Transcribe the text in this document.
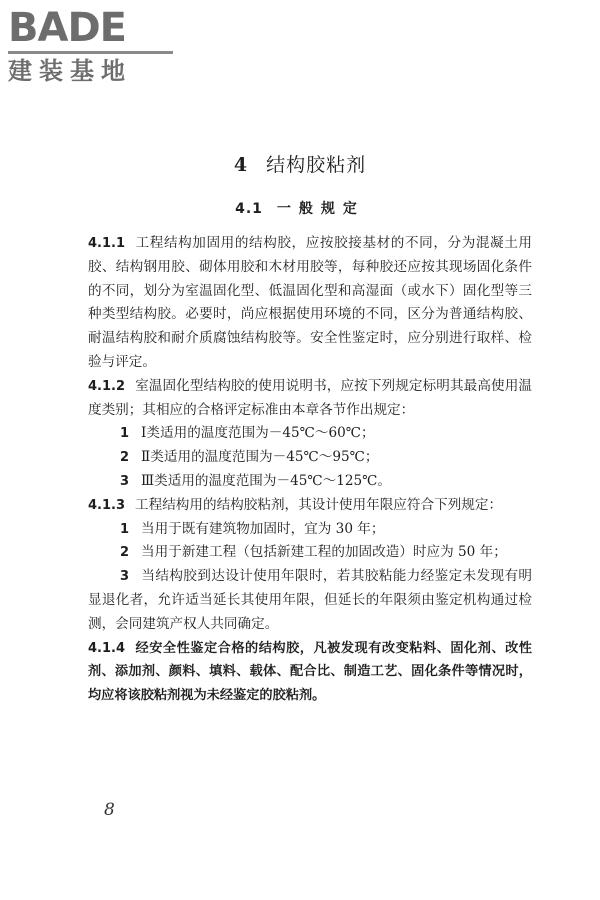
BADE
建装基地
4 结构胶粘剂
4.1 一般规定

4.1.1 工程结构加固用的结构胶，应按胶接基材的不同，分为混凝土用胶、结构钢用胶、砌体用胶和木材用胶等，每种胶还应按其现场固化条件的不同，划分为室温固化型、低温固化型和高湿面（或水下）固化型等三种类型结构胶。必要时，尚应根据使用环境的不同，区分为普通结构胶、耐温结构胶和耐介质腐蚀结构胶等。安全性鉴定时，应分别进行取样、检验与评定。

4.1.2 室温固化型结构胶的使用说明书，应按下列规定标明其最高使用温度类别；其相应的合格评定标准由本章各节作出规定：

1 Ⅰ类适用的温度范围为－45℃～60℃；

2 Ⅱ类适用的温度范围为－45℃～95℃；

3 Ⅲ类适用的温度范围为－45℃～125℃。

4.1.3 工程结构用的结构胶粘剂，其设计使用年限应符合下列规定：

1 当用于既有建筑物加固时，宜为 30 年；

2 当用于新建工程（包括新建工程的加固改造）时应为 50 年；

3 当结构胶到达设计使用年限时，若其胶粘能力经鉴定未发现有明显退化者，允许适当延长其使用年限，但延长的年限须由鉴定机构通过检测，会同建筑产权人共同确定。

4.1.4 经安全性鉴定合格的结构胶，凡被发现有改变粘料、固化剂、改性剂、添加剂、颜料、填料、载体、配合比、制造工艺、固化条件等情况时，均应将该胶粘剂视为未经鉴定的胶粘剂。

8
